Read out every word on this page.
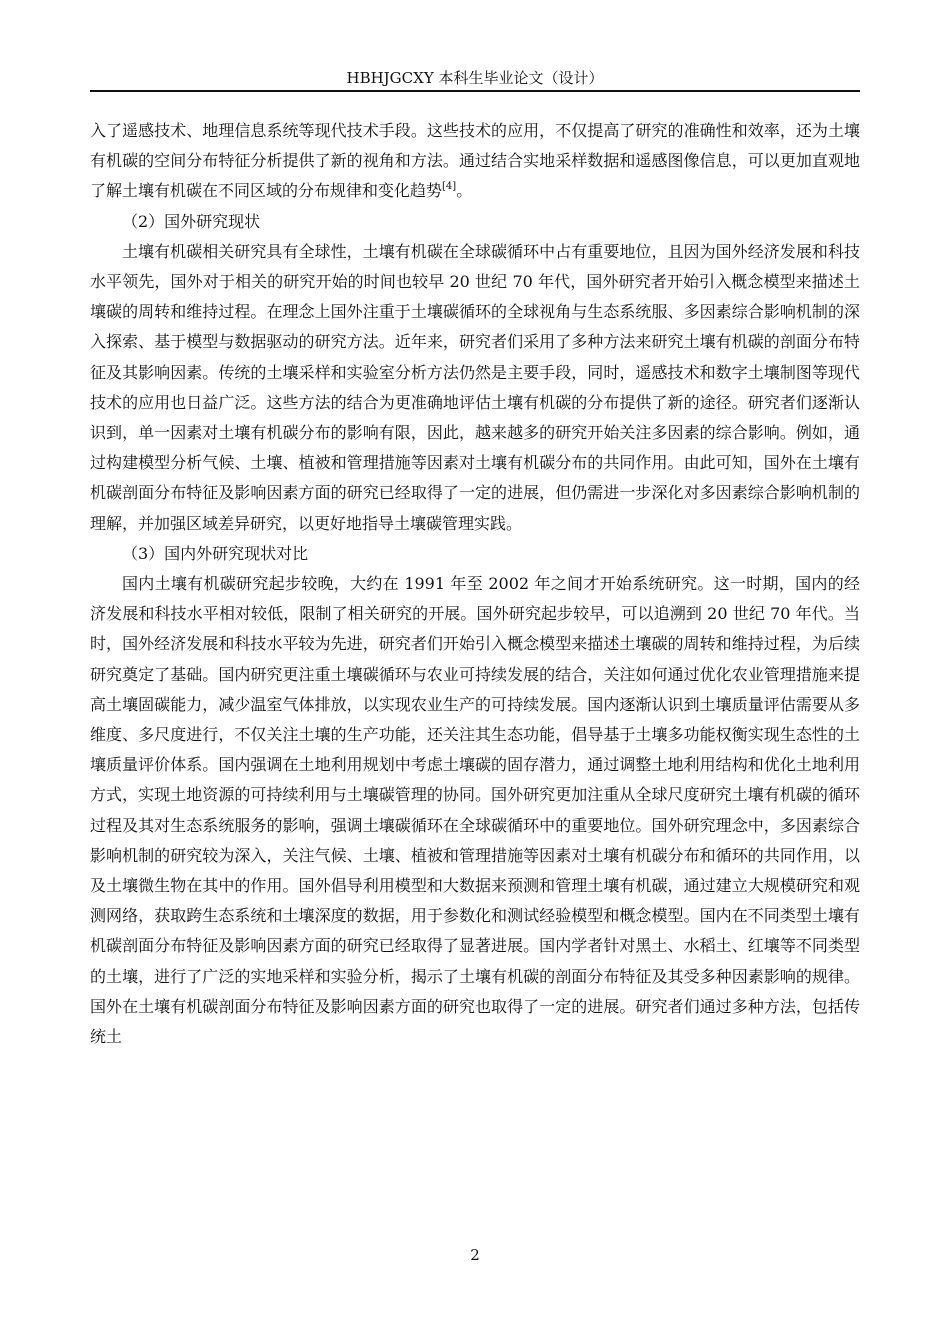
HBHJGCXY 本科生毕业论文（设计）

入了遥感技术、地理信息系统等现代技术手段。这些技术的应用，不仅提高了研究的准确性和效率，还为土壤有机碳的空间分布特征分析提供了新的视角和方法。通过结合实地采样数据和遥感图像信息，可以更加直观地了解土壤有机碳在不同区域的分布规律和变化趋势[4]。

（2）国外研究现状

土壤有机碳相关研究具有全球性，土壤有机碳在全球碳循环中占有重要地位，且因为国外经济发展和科技水平领先，国外对于相关的研究开始的时间也较早 20 世纪 70 年代，国外研究者开始引入概念模型来描述土壤碳的周转和维持过程。在理念上国外注重于土壤碳循环的全球视角与生态系统服、多因素综合影响机制的深入探索、基于模型与数据驱动的研究方法。近年来，研究者们采用了多种方法来研究土壤有机碳的剖面分布特征及其影响因素。传统的土壤采样和实验室分析方法仍然是主要手段，同时，遥感技术和数字土壤制图等现代技术的应用也日益广泛。这些方法的结合为更准确地评估土壤有机碳的分布提供了新的途径。研究者们逐渐认识到，单一因素对土壤有机碳分布的影响有限，因此，越来越多的研究开始关注多因素的综合影响。例如，通过构建模型分析气候、土壤、植被和管理措施等因素对土壤有机碳分布的共同作用。由此可知，国外在土壤有机碳剖面分布特征及影响因素方面的研究已经取得了一定的进展，但仍需进一步深化对多因素综合影响机制的理解，并加强区域差异研究，以更好地指导土壤碳管理实践。

（3）国内外研究现状对比

国内土壤有机碳研究起步较晚，大约在 1991 年至 2002 年之间才开始系统研究。这一时期，国内的经济发展和科技水平相对较低，限制了相关研究的开展。国外研究起步较早，可以追溯到 20 世纪 70 年代。当时，国外经济发展和科技水平较为先进，研究者们开始引入概念模型来描述土壤碳的周转和维持过程，为后续研究奠定了基础。国内研究更注重土壤碳循环与农业可持续发展的结合，关注如何通过优化农业管理措施来提高土壤固碳能力，减少温室气体排放，以实现农业生产的可持续发展。国内逐渐认识到土壤质量评估需要从多维度、多尺度进行，不仅关注土壤的生产功能，还关注其生态功能，倡导基于土壤多功能权衡实现生态性的土壤质量评价体系。国内强调在土地利用规划中考虑土壤碳的固存潜力，通过调整土地利用结构和优化土地利用方式，实现土地资源的可持续利用与土壤碳管理的协同。国外研究更加注重从全球尺度研究土壤有机碳的循环过程及其对生态系统服务的影响，强调土壤碳循环在全球碳循环中的重要地位。国外研究理念中，多因素综合影响机制的研究较为深入，关注气候、土壤、植被和管理措施等因素对土壤有机碳分布和循环的共同作用，以及土壤微生物在其中的作用。国外倡导利用模型和大数据来预测和管理土壤有机碳，通过建立大规模研究和观测网络，获取跨生态系统和土壤深度的数据，用于参数化和测试经验模型和概念模型。国内在不同类型土壤有机碳剖面分布特征及影响因素方面的研究已经取得了显著进展。国内学者针对黑土、水稻土、红壤等不同类型的土壤，进行了广泛的实地采样和实验分析，揭示了土壤有机碳的剖面分布特征及其受多种因素影响的规律。国外在土壤有机碳剖面分布特征及影响因素方面的研究也取得了一定的进展。研究者们通过多种方法，包括传统土

2
